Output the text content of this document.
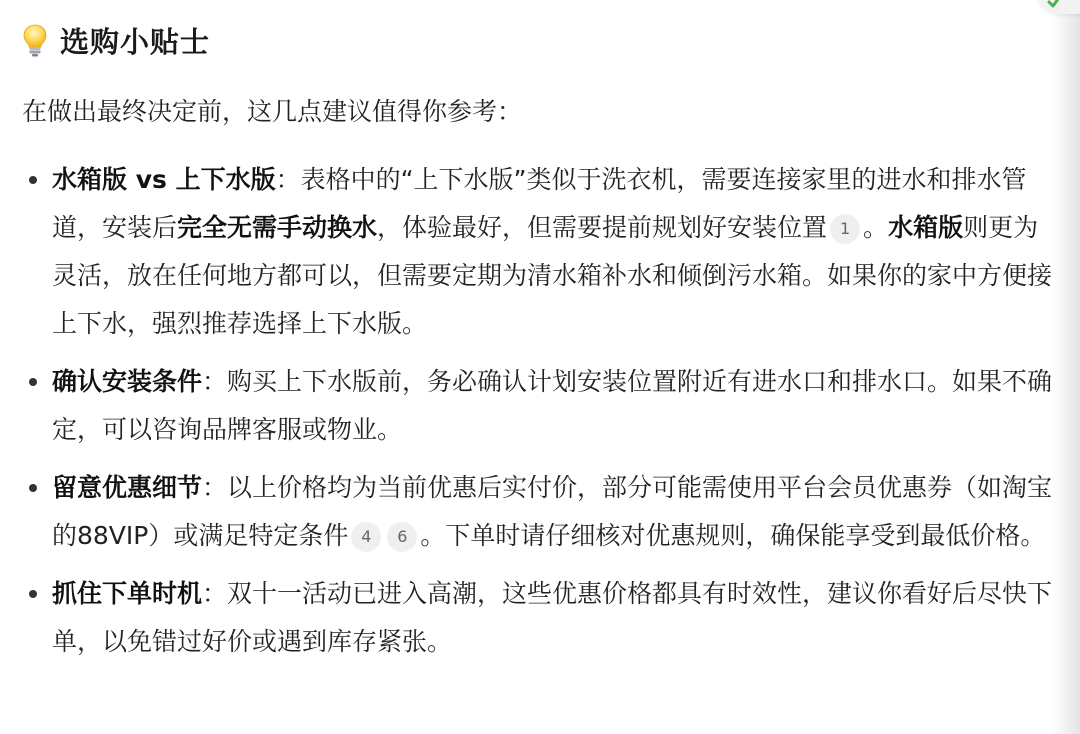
选购小贴士

在做出最终决定前，这几点建议值得你参考：

水箱版 vs 上下水版：表格中的“上下水版”类似于洗衣机，需要连接家里的进水和排水管道，安装后完全无需手动换水，体验最好，但需要提前规划好安装位置 1 。水箱版则更为灵活，放在任何地方都可以，但需要定期为清水箱补水和倾倒污水箱。如果你的家中方便接上下水，强烈推荐选择上下水版。
确认安装条件：购买上下水版前，务必确认计划安装位置附近有进水口和排水口。如果不确定，可以咨询品牌客服或物业。
留意优惠细节：以上价格均为当前优惠后实付价，部分可能需使用平台会员优惠券（如淘宝的88VIP）或满足特定条件 4 6 。下单时请仔细核对优惠规则，确保能享受到最低价格。
抓住下单时机：双十一活动已进入高潮，这些优惠价格都具有时效性，建议你看好后尽快下单，以免错过好价或遇到库存紧张。
